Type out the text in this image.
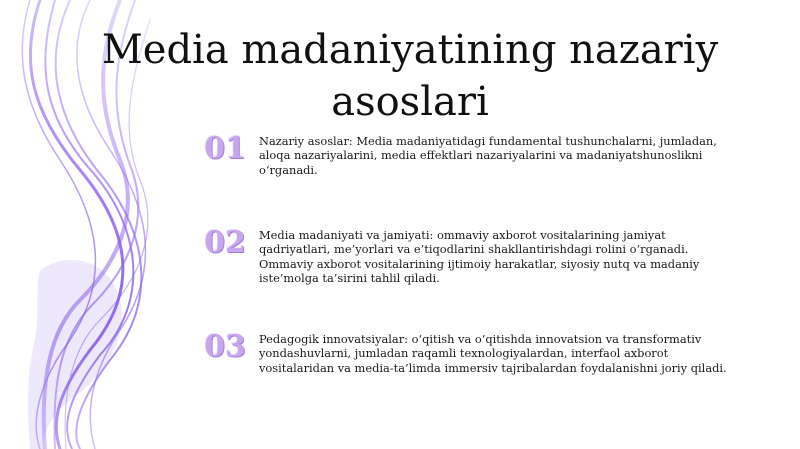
Media madaniyatining nazariy asoslari
01	Nazariy asoslar: Media madaniyatidagi fundamental tushunchalarni, jumladan, aloqa nazariyalarini, media effektlari nazariyalarini va madaniyatshunoslikni o‘rganadi.

02	Media madaniyati va jamiyati: ommaviy axborot vositalarining jamiyat qadriyatlari, me’yorlari va e’tiqodlarini shakllantirishdagi rolini o‘rganadi. Ommaviy axborot vositalarining ijtimoiy harakatlar, siyosiy nutq va madaniy iste’molga ta’sirini tahlil qiladi.

03	Pedagogik innovatsiyalar: o‘qitish va o‘qitishda innovatsion va transformativ yondashuvlarni, jumladan raqamli texnologiyalardan, interfaol axborot vositalaridan va media-ta’limda immersiv tajribalardan foydalanishni joriy qiladi.
